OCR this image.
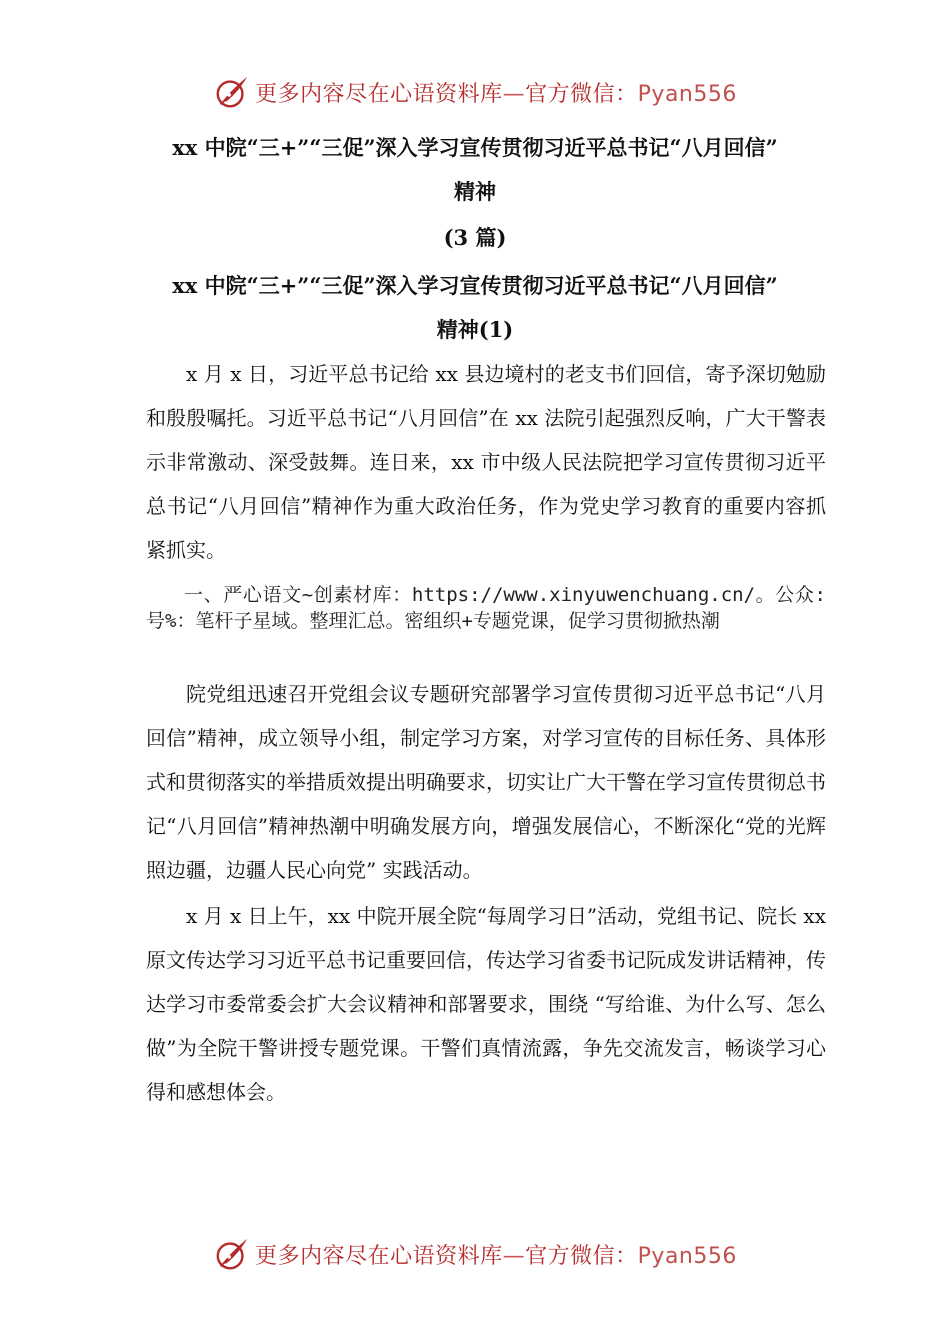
更多内容尽在心语资料库—官方微信：Pyan556
xx 中院“三+”“三促”深入学习宣传贯彻习近平总书记“八月回信”
精神
(3 篇)
xx 中院“三+”“三促”深入学习宣传贯彻习近平总书记“八月回信”
精神(1)

x 月 x 日，习近平总书记给 xx 县边境村的老支书们回信，寄予深切勉励和殷殷嘱托。习近平总书记“八月回信”在 xx 法院引起强烈反响，广大干警表示非常激动、深受鼓舞。连日来，xx 市中级人民法院把学习宣传贯彻习近平总书记“八月回信”精神作为重大政治任务，作为党史学习教育的重要内容抓紧抓实。

一、严心语文~创素材库：https://www.xinyuwenchuang.cn/。公众:号%：笔杆子星域。整理汇总。密组织+专题党课，促学习贯彻掀热潮

院党组迅速召开党组会议专题研究部署学习宣传贯彻习近平总书记“八月回信”精神，成立领导小组，制定学习方案，对学习宣传的目标任务、具体形式和贯彻落实的举措质效提出明确要求，切实让广大干警在学习宣传贯彻总书记“八月回信”精神热潮中明确发展方向，增强发展信心，不断深化“党的光辉照边疆，边疆人民心向党” 实践活动。

x 月 x 日上午，xx 中院开展全院“每周学习日”活动，党组书记、院长 xx 原文传达学习习近平总书记重要回信，传达学习省委书记阮成发讲话精神，传达学习市委常委会扩大会议精神和部署要求，围绕 “写给谁、为什么写、怎么做”为全院干警讲授专题党课。干警们真情流露，争先交流发言，畅谈学习心得和感想体会。

更多内容尽在心语资料库—官方微信：Pyan556
